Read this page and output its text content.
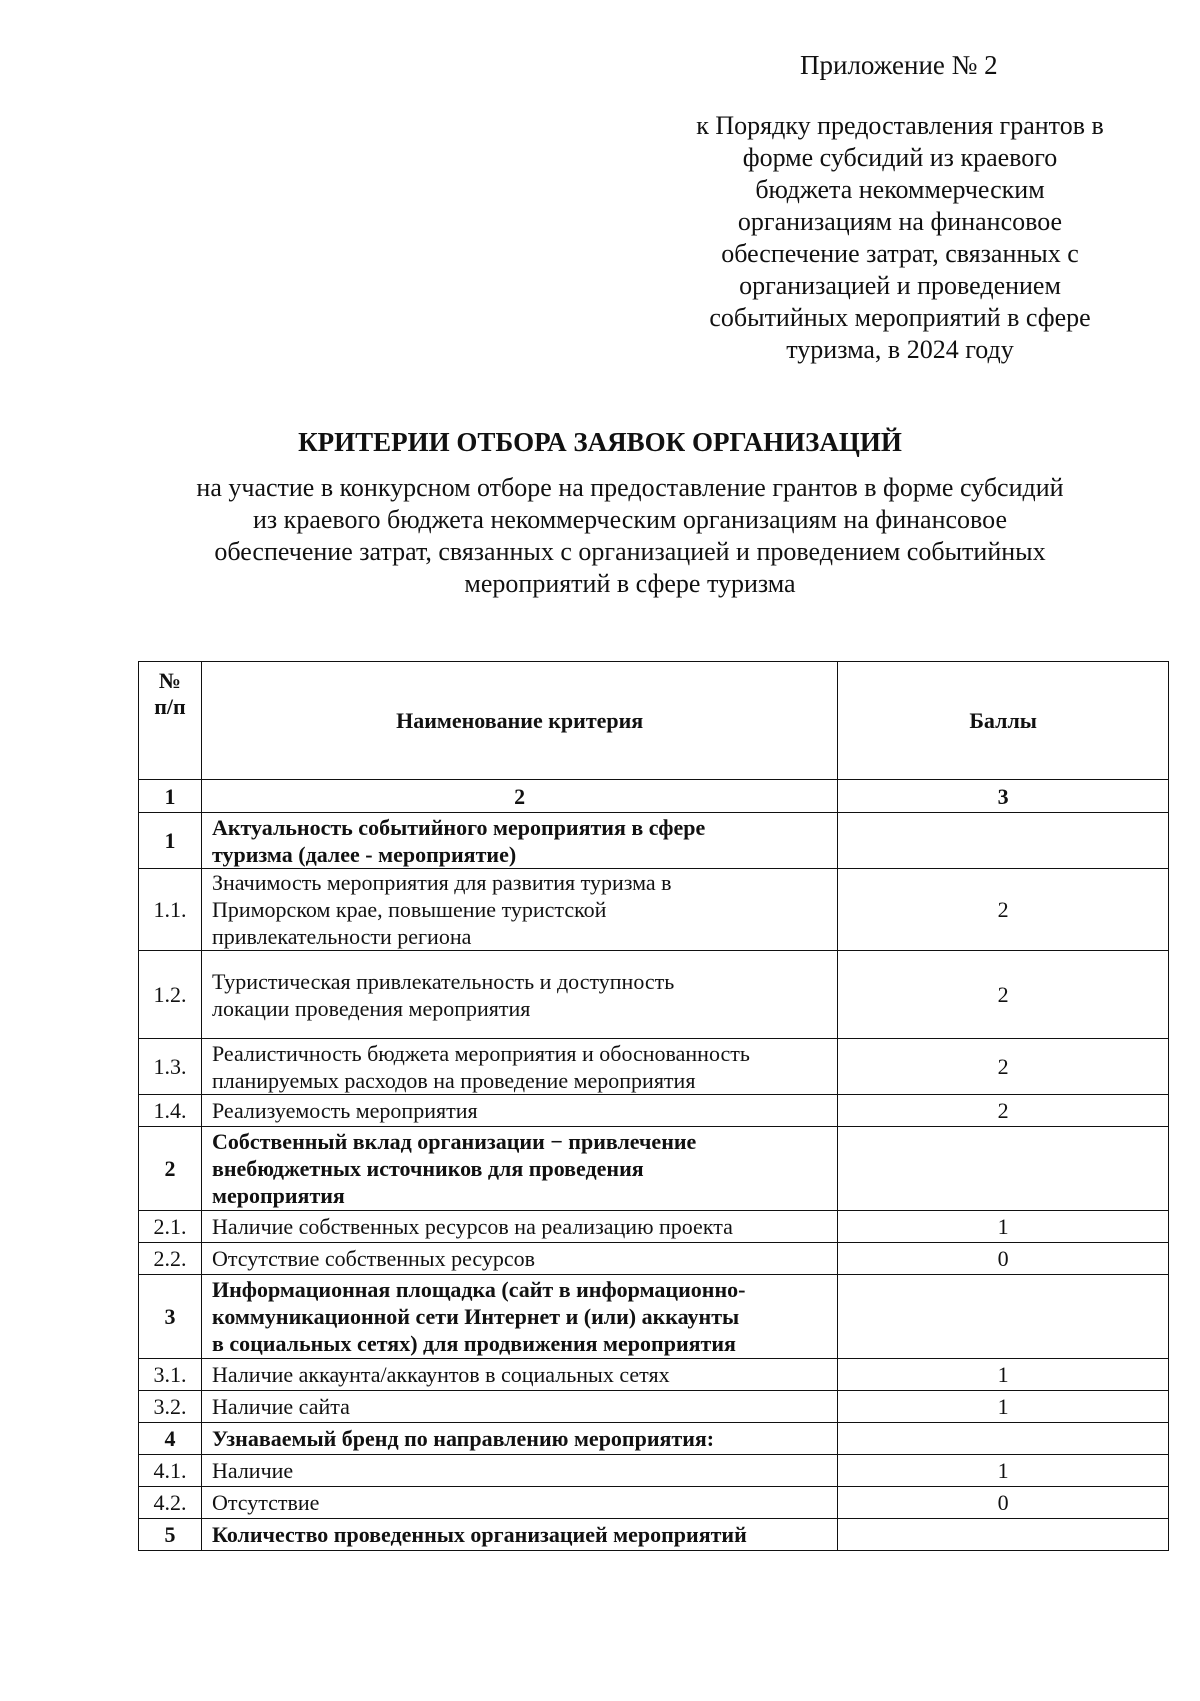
Приложение № 2
к Порядку предоставления грантов в
форме субсидий из краевого
бюджета некоммерческим
организациям на финансовое
обеспечение затрат, связанных с
организацией и проведением
событийных мероприятий в сфере
туризма, в 2024 году
КРИТЕРИИ ОТБОРА ЗАЯВОК ОРГАНИЗАЦИЙ
на участие в конкурсном отборе на предоставление грантов в форме субсидий
из краевого бюджета некоммерческим организациям на финансовое
обеспечение затрат, связанных с организацией и проведением событийных
мероприятий в сфере туризма
№
п/п	Наименование критерия	Баллы
1	2	3
1	Актуальность событийного мероприятия в сфере
туризма (далее - мероприятие)	

1.1.	Значимость мероприятия для развития туризма в
Приморском крае, повышение туристской
привлекательности региона	2
1.2.	Туристическая привлекательность и доступность
локации проведения мероприятия	2
1.3.	Реалистичность бюджета мероприятия и обоснованность
планируемых расходов на проведение мероприятия	2
1.4.	Реализуемость мероприятия	2
2	Собственный вклад организации − привлечение
внебюджетных источников для проведения
мероприятия	

2.1.	Наличие собственных ресурсов на реализацию проекта	1
2.2.	Отсутствие собственных ресурсов	0
3	Информационная площадка (сайт в информационно-
коммуникационной сети Интернет и (или) аккаунты
в социальных сетях) для продвижения мероприятия	

3.1.	Наличие аккаунта/аккаунтов в социальных сетях	1
3.2.	Наличие сайта	1
4	Узнаваемый бренд по направлению мероприятия:	

4.1.	Наличие	1
4.2.	Отсутствие	0
5	Количество проведенных организацией мероприятий	
